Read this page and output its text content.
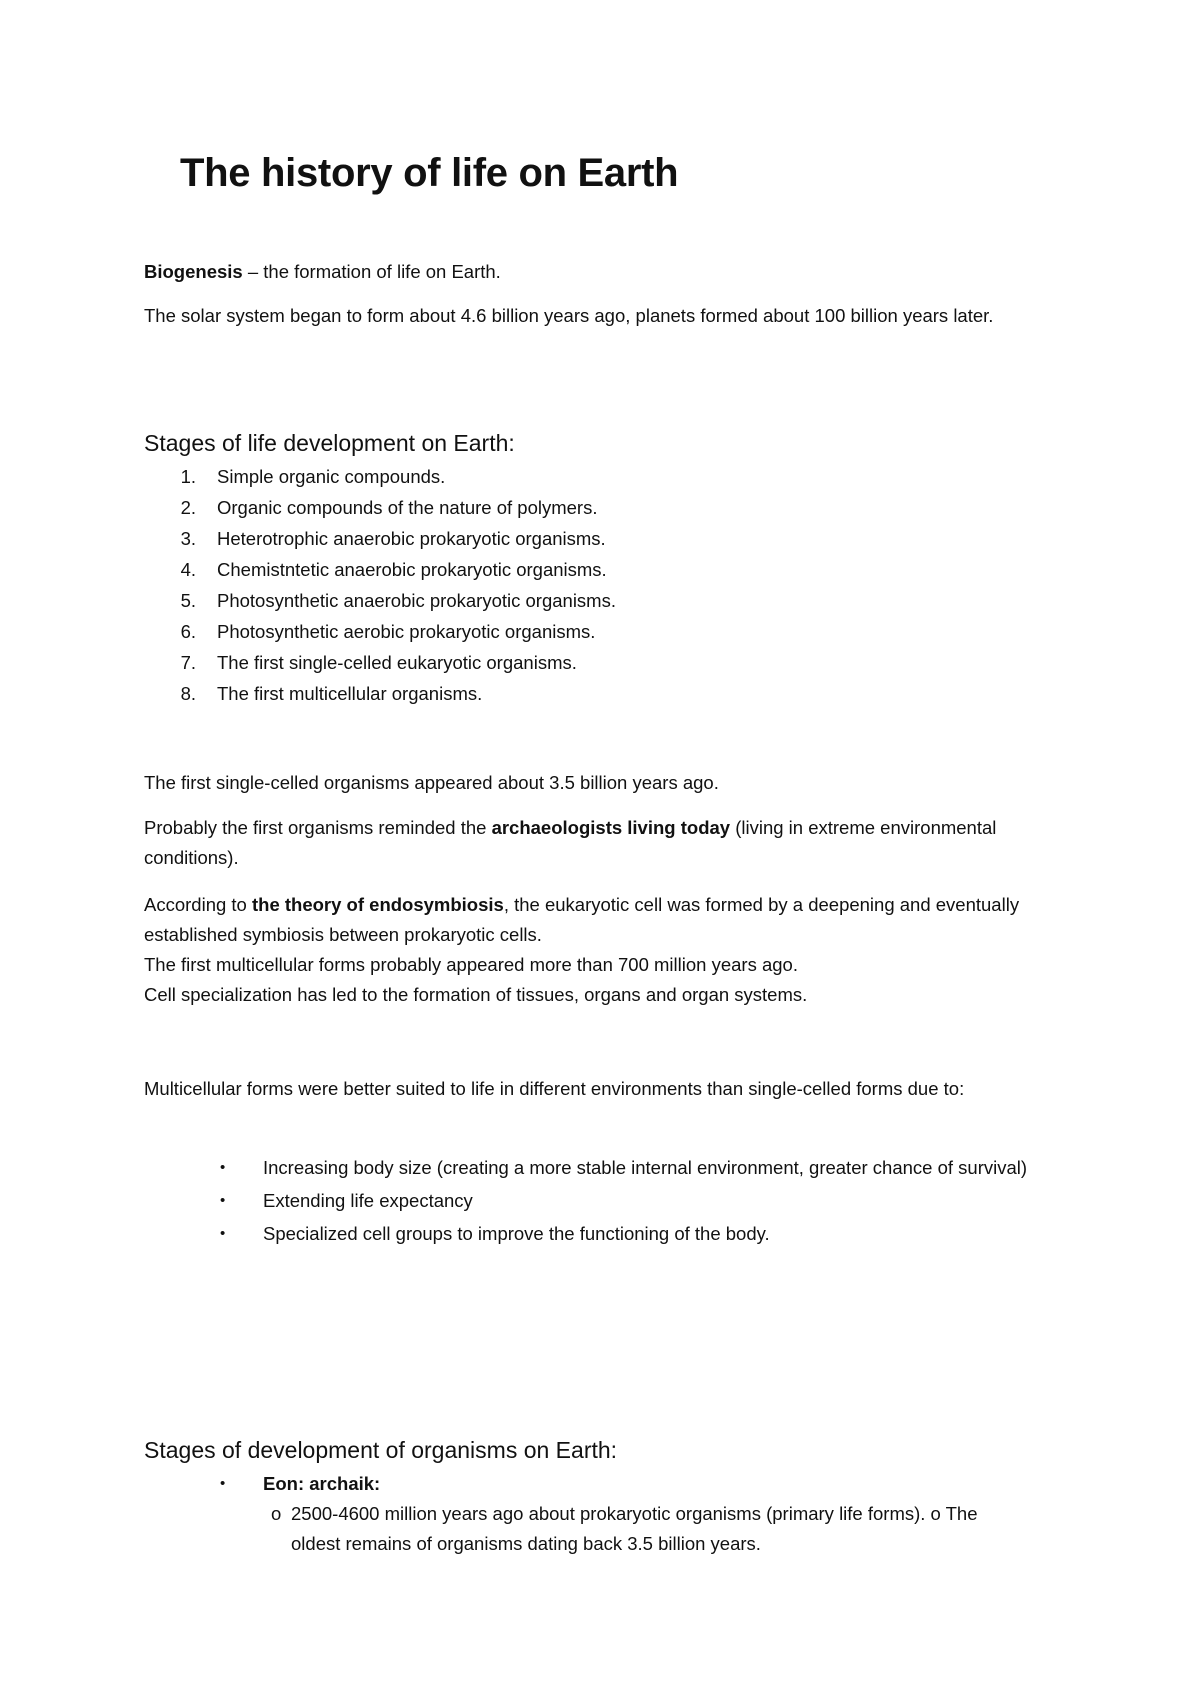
The history of life on Earth

Biogenesis – the formation of life on Earth.

The solar system began to form about 4.6 billion years ago, planets formed about 100 billion years later.

Stages of life development on Earth:
1. Simple organic compounds.
2. Organic compounds of the nature of polymers.
3. Heterotrophic anaerobic prokaryotic organisms.
4. Chemistntetic anaerobic prokaryotic organisms.
5. Photosynthetic anaerobic prokaryotic organisms.
6. Photosynthetic aerobic prokaryotic organisms.
7. The first single-celled eukaryotic organisms.
8. The first multicellular organisms.

The first single-celled organisms appeared about 3.5 billion years ago.

Probably the first organisms reminded the archaeologists living today (living in extreme environmental conditions).

According to the theory of endosymbiosis, the eukaryotic cell was formed by a deepening and eventually established symbiosis between prokaryotic cells.

The first multicellular forms probably appeared more than 700 million years ago.

Cell specialization has led to the formation of tissues, organs and organ systems.

Multicellular forms were better suited to life in different environments than single-celled forms due to:

• Increasing body size (creating a more stable internal environment, greater chance of survival)
• Extending life expectancy
• Specialized cell groups to improve the functioning of the body.
Stages of development of organisms on Earth:
• Eon: archaik:
o 2500-4600 million years ago about prokaryotic organisms (primary life forms). o The oldest remains of organisms dating back 3.5 billion years.
